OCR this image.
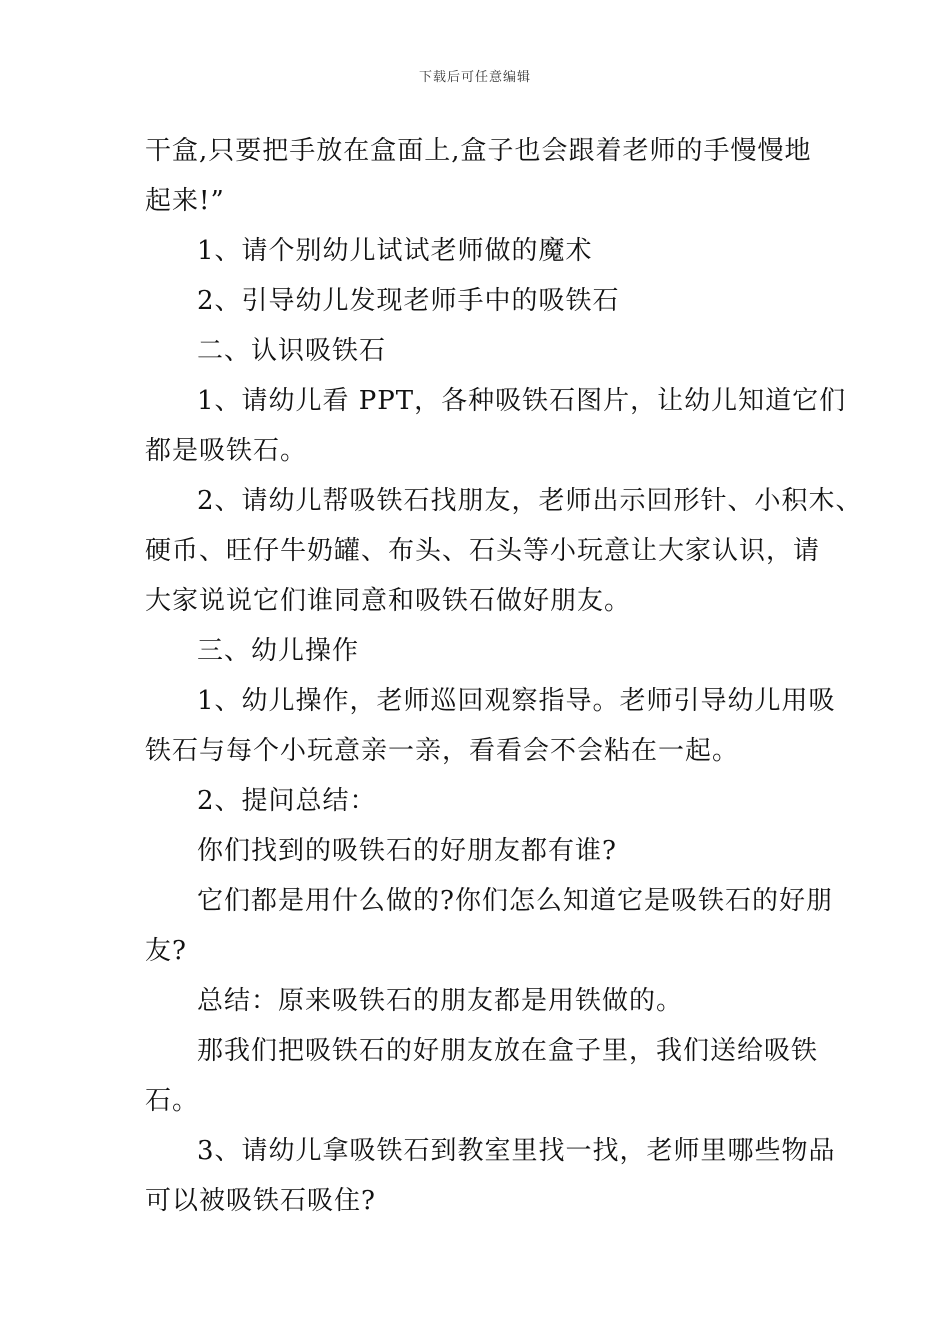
下载后可任意编辑
干盒,只要把手放在盒面上,盒子也会跟着老师的手慢慢地
起来!”
1、请个别幼儿试试老师做的魔术
2、引导幼儿发现老师手中的吸铁石
二、认识吸铁石
1、请幼儿看 PPT，各种吸铁石图片，让幼儿知道它们
都是吸铁石。
2、请幼儿帮吸铁石找朋友，老师出示回形针、小积木、
硬币、旺仔牛奶罐、布头、石头等小玩意让大家认识，请
大家说说它们谁同意和吸铁石做好朋友。
三、幼儿操作
1、幼儿操作，老师巡回观察指导。老师引导幼儿用吸
铁石与每个小玩意亲一亲，看看会不会粘在一起。
2、提问总结：
你们找到的吸铁石的好朋友都有谁?
它们都是用什么做的?你们怎么知道它是吸铁石的好朋
友?
总结：原来吸铁石的朋友都是用铁做的。
那我们把吸铁石的好朋友放在盒子里，我们送给吸铁
石。
3、请幼儿拿吸铁石到教室里找一找，老师里哪些物品
可以被吸铁石吸住?
